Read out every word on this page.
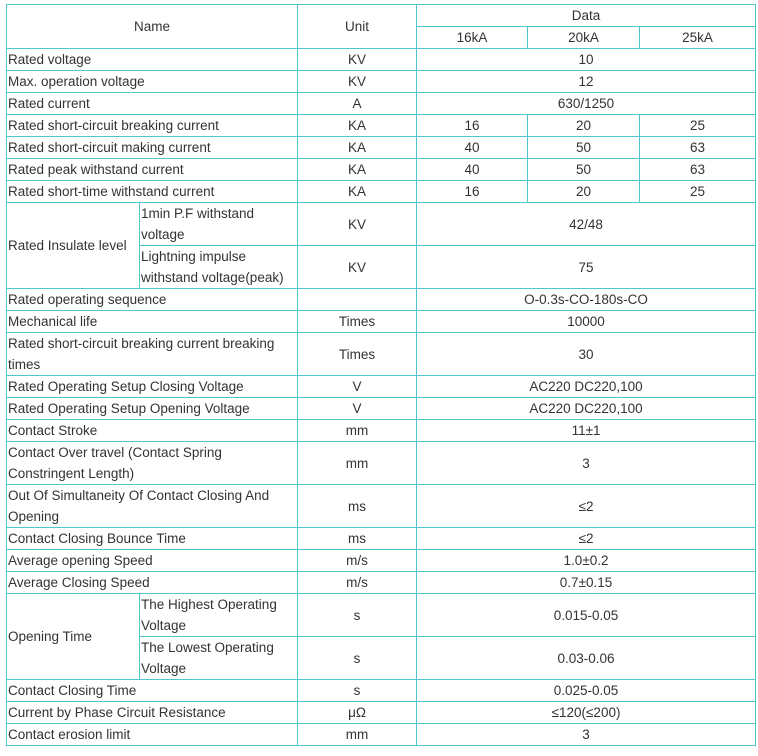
Name		Unit	Data		
			16kA	20kA	25kA
Rated voltage		KV	10		
Max. operation voltage		KV	12		
Rated current		A	630/1250		
Rated short-circuit breaking current		KA	16	20	25
Rated short-circuit making current		KA	40	50	63
Rated peak withstand current		KA	40	50	63
Rated short-time withstand current		KA	16	20	25
Rated Insulate level	1min P.F withstand voltage	KV	42/48		
	Lightning impulse withstand voltage(peak)	KV	75		
Rated operating sequence			O-0.3s-CO-180s-CO		
Mechanical life		Times	10000		
Rated short-circuit breaking current breaking times		Times	30		
Rated Operating Setup Closing Voltage		V	AC220 DC220,100		
Rated Operating Setup Opening Voltage		V	AC220 DC220,100		
Contact Stroke		mm	11±1		
Contact Over travel (Contact Spring Constringent Length)		mm	3		
Out Of Simultaneity Of Contact Closing And Opening		ms	≤2		
Contact Closing Bounce Time		ms	≤2		
Average opening Speed		m/s	1.0±0.2		
Average Closing Speed		m/s	0.7±0.15		
Opening Time	The Highest Operating Voltage	s	0.015-0.05		
	The Lowest Operating Voltage	s	0.03-0.06		
Contact Closing Time		s	0.025-0.05		
Current by Phase Circuit Resistance		μΩ	≤120(≤200)		
Contact erosion limit		mm	3		
